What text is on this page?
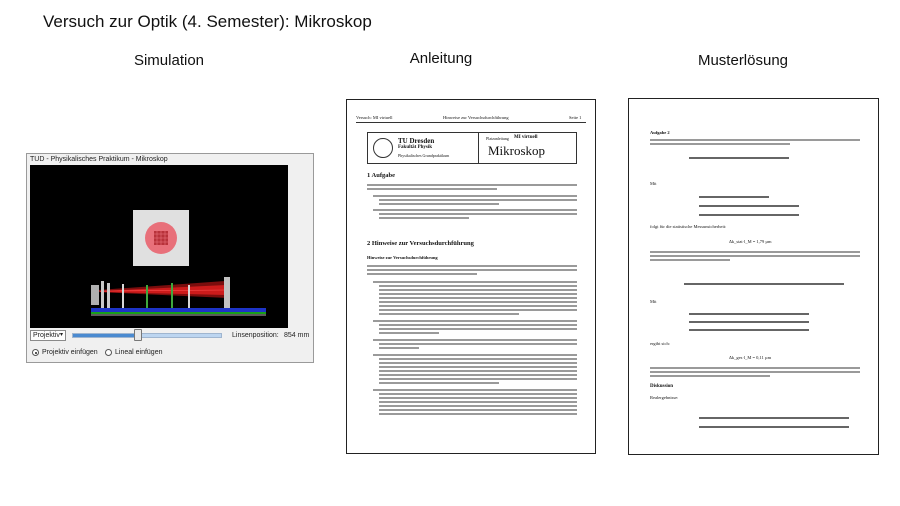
Versuch zur Optik (4. Semester): Mikroskop
Simulation	Anleitung	Musterlösung
TUD - Physikalisches Praktikum - Mikroskop
Projektiv ▾	Linsenposition: 854 mm
Projektiv einfügen Lineal einfügen
Versuch: MI virtuell	Hinweise zur Versuchsdurchführung	Seite 1
TU Dresden
Fakultät Physik
Physikalisches Grundpraktikum
Platzanleitung MI virtuell
Mikroskop
1 Aufgabe
2 Hinweise zur Versuchsdurchführung
Hinweise zur Versuchsdurchführung
Aufgabe 2
Mit
folgt für die statistische Messunsicherheit:
Δk_stat·l_M = 1,79 µm
Mit
ergibt sich:
Δk_ges·l_M = 0,11 µm
Diskussion
Realergebnisse:
